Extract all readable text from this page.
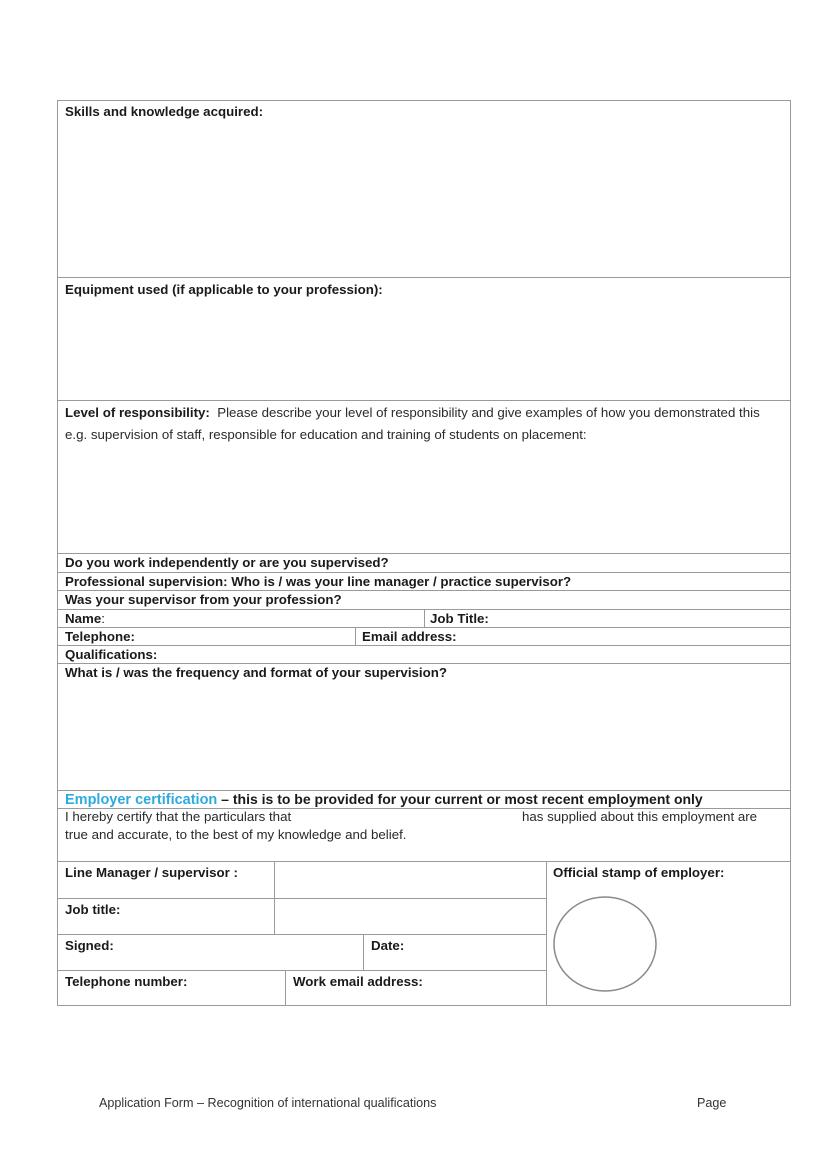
Skills and knowledge acquired:
Equipment used (if applicable to your profession):
Level of responsibility: Please describe your level of responsibility and give examples of how you demonstrated this e.g. supervision of staff, responsible for education and training of students on placement:
Do you work independently or are you supervised?
Professional supervision: Who is / was your line manager / practice supervisor?
Was your supervisor from your profession?
Name:	Job Title:
Telephone:	Email address:
Qualifications:
What is / was the frequency and format of your supervision?
Employer certification – this is to be provided for your current or most recent employment only
I hereby certify that the particulars that	has supplied about this employment are
true and accurate, to the best of my knowledge and belief.
Line Manager / supervisor :
Job title:
Signed:	Date:
Telephone number:	Work email address:
Official stamp of employer:
Application Form – Recognition of international qualifications	Page
